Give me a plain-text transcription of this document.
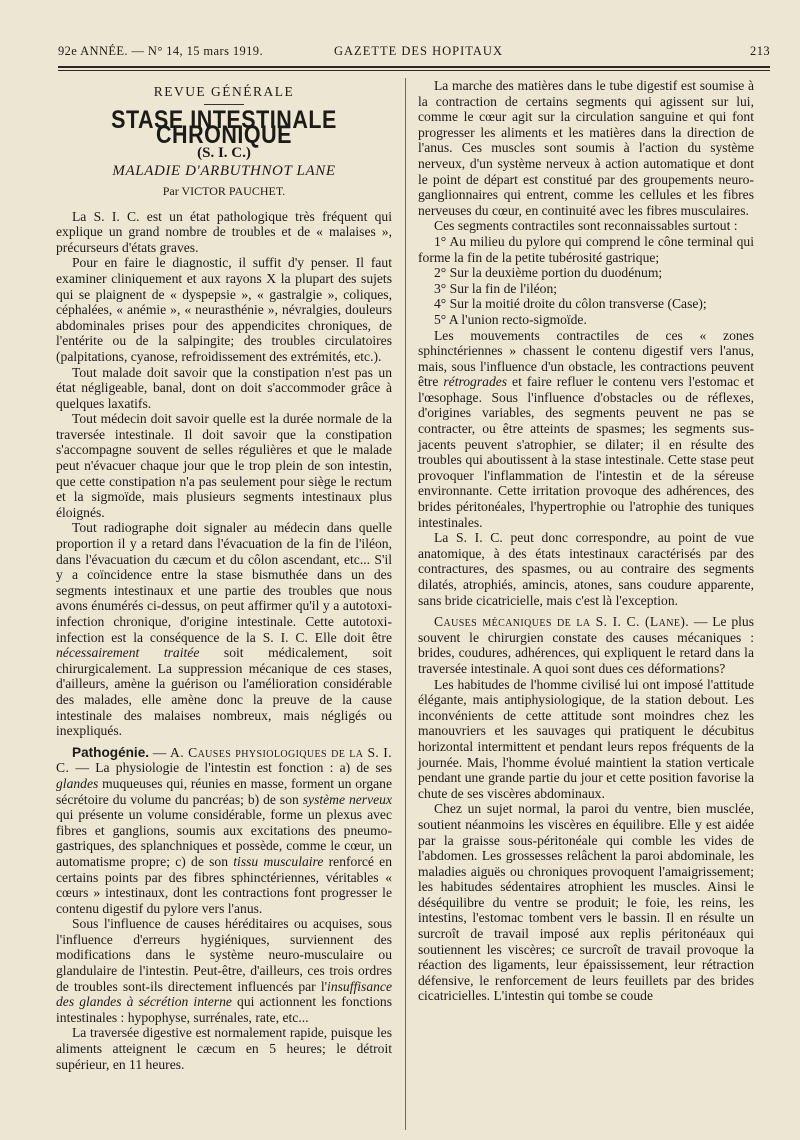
92e ANNÉE. — N° 14, 15 mars 1919.	GAZETTE DES HOPITAUX	213
REVUE GÉNÉRALE
STASE INTESTINALE CHRONIQUE
(S. I. C.)
MALADIE D'ARBUTHNOT LANE
Par VICTOR PAUCHET.

La S. I. C. est un état pathologique très fréquent qui explique un grand nombre de troubles et de « malaises », précurseurs d'états graves.

Pour en faire le diagnostic, il suffit d'y penser. Il faut examiner cliniquement et aux rayons X la plupart des sujets qui se plaignent de « dyspepsie », « gastralgie », coliques, céphalées, « anémie », « neurasthénie », névralgies, douleurs abdominales prises pour des appendicites chroniques, de l'entérite ou de la salpingite; des troubles circulatoires (palpitations, cyanose, refroidissement des extrémités, etc.).

Tout malade doit savoir que la constipation n'est pas un état négligeable, banal, dont on doit s'accommoder grâce à quelques laxatifs.

Tout médecin doit savoir quelle est la durée normale de la traversée intestinale. Il doit savoir que la constipation s'accompagne souvent de selles régulières et que le malade peut n'évacuer chaque jour que le trop plein de son intestin, que cette constipation n'a pas seulement pour siège le rectum et la sigmoïde, mais plusieurs segments intestinaux plus éloignés.

Tout radiographe doit signaler au médecin dans quelle proportion il y a retard dans l'évacuation de la fin de l'iléon, dans l'évacuation du cæcum et du côlon ascendant, etc... S'il y a coïncidence entre la stase bismuthée dans un des segments intestinaux et une partie des troubles que nous avons énumérés ci-dessus, on peut affirmer qu'il y a autotoxi-infection chronique, d'origine intestinale. Cette autotoxi-infection est la conséquence de la S. I. C. Elle doit être nécessairement traitée soit médicalement, soit chirurgicalement. La suppression mécanique de ces stases, d'ailleurs, amène la guérison ou l'amélioration considérable des malades, elle amène donc la preuve de la cause intestinale des malaises nombreux, mais négligés ou inexpliqués.

Pathogénie. — A. Causes physiologiques de la S. I. C. — La physiologie de l'intestin est fonction : a) de ses glandes muqueuses qui, réunies en masse, forment un organe sécrétoire du volume du pancréas; b) de son système nerveux qui présente un volume considérable, forme un plexus avec fibres et ganglions, soumis aux excitations des pneumo-gastriques, des splanchniques et possède, comme le cœur, un automatisme propre; c) de son tissu musculaire renforcé en certains points par des fibres sphinctériennes, véritables « cœurs » intestinaux, dont les contractions font progresser le contenu digestif du pylore vers l'anus.

Sous l'influence de causes héréditaires ou acquises, sous l'influence d'erreurs hygiéniques, surviennent des modifications dans le système neuro-musculaire ou glandulaire de l'intestin. Peut-être, d'ailleurs, ces trois ordres de troubles sont-ils directement influencés par l'insuffisance des glandes à sécrétion interne qui actionnent les fonctions intestinales : hypophyse, surrénales, rate, etc...

La traversée digestive est normalement rapide, puisque les aliments atteignent le cæcum en 5 heures; le détroit supérieur, en 11 heures.

La marche des matières dans le tube digestif est soumise à la contraction de certains segments qui agissent sur lui, comme le cœur agit sur la circulation sanguine et qui font progresser les aliments et les matières dans la direction de l'anus. Ces muscles sont soumis à l'action du système nerveux, d'un système nerveux à action automatique et dont le point de départ est constitué par des groupements neuro-ganglionnaires qui entrent, comme les cellules et les fibres nerveuses du cœur, en continuité avec les fibres musculaires.

Ces segments contractiles sont reconnaissables surtout :

1° Au milieu du pylore qui comprend le cône terminal qui forme la fin de la petite tubérosité gastrique;

2° Sur la deuxième portion du duodénum;

3° Sur la fin de l'iléon;

4° Sur la moitié droite du côlon transverse (Case);

5° A l'union recto-sigmoïde.

Les mouvements contractiles de ces « zones sphinctériennes » chassent le contenu digestif vers l'anus, mais, sous l'influence d'un obstacle, les contractions peuvent être rétrogrades et faire refluer le contenu vers l'estomac et l'œsophage. Sous l'influence d'obstacles ou de réflexes, d'origines variables, des segments peuvent ne pas se contracter, ou être atteints de spasmes; les segments sus-jacents peuvent s'atrophier, se dilater; il en résulte des troubles qui aboutissent à la stase intestinale. Cette stase peut provoquer l'inflammation de l'intestin et de la séreuse environnante. Cette irritation provoque des adhérences, des brides péritonéales, l'hypertrophie ou l'atrophie des tuniques intestinales.

La S. I. C. peut donc correspondre, au point de vue anatomique, à des états intestinaux caractérisés par des contractures, des spasmes, ou au contraire des segments dilatés, atrophiés, amincis, atones, sans coudure apparente, sans bride cicatricielle, mais c'est là l'exception.

Causes mécaniques de la S. I. C. (Lane). — Le plus souvent le chirurgien constate des causes mécaniques : brides, coudures, adhérences, qui expliquent le retard dans la traversée intestinale. A quoi sont dues ces déformations?

Les habitudes de l'homme civilisé lui ont imposé l'attitude élégante, mais antiphysiologique, de la station debout. Les inconvénients de cette attitude sont moindres chez les manouvriers et les sauvages qui pratiquent le décubitus horizontal intermittent et pendant leurs repos fréquents de la journée. Mais, l'homme évolué maintient la station verticale pendant une grande partie du jour et cette position favorise la chute de ses viscères abdominaux.

Chez un sujet normal, la paroi du ventre, bien musclée, soutient néanmoins les viscères en équilibre. Elle y est aidée par la graisse sous-péritonéale qui comble les vides de l'abdomen. Les grossesses relâchent la paroi abdominale, les maladies aiguës ou chroniques provoquent l'amaigrissement; les habitudes sédentaires atrophient les muscles. Ainsi le déséquilibre du ventre se produit; le foie, les reins, les intestins, l'estomac tombent vers le bassin. Il en résulte un surcroît de travail imposé aux replis péritonéaux qui soutiennent les viscères; ce surcroît de travail provoque la réaction des ligaments, leur épaississement, leur rétraction défensive, le renforcement de leurs feuillets par des brides cicatricielles. L'intestin qui tombe se coude
